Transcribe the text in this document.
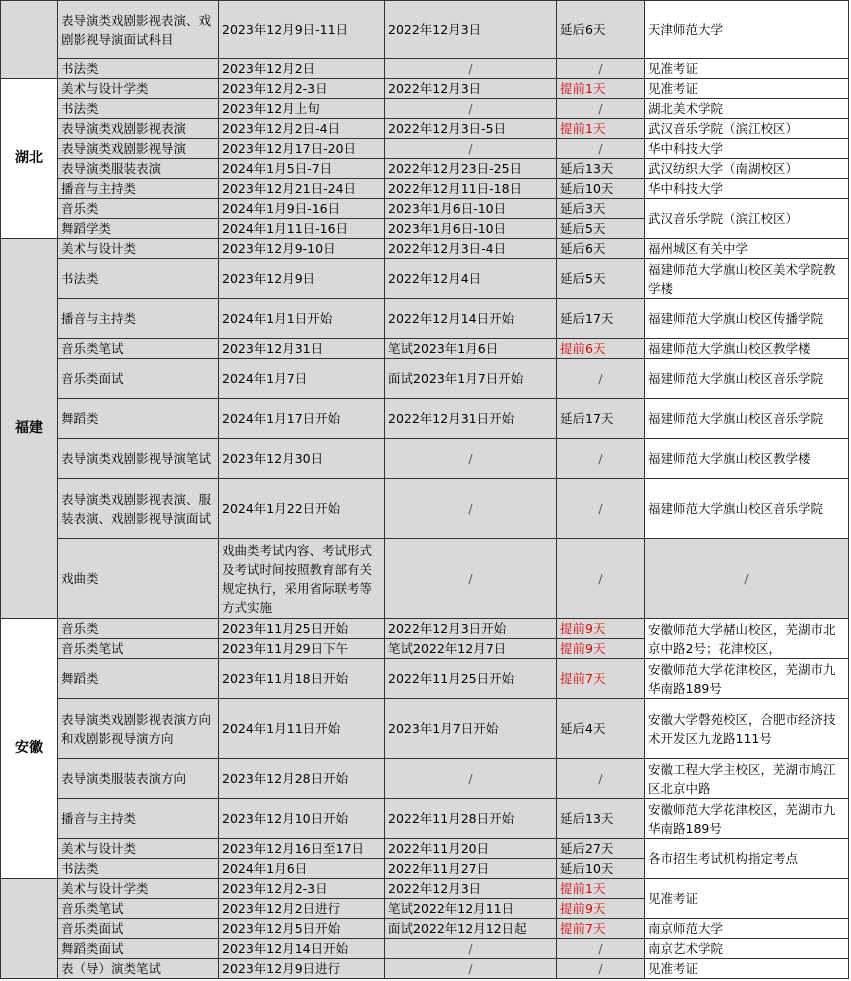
	表导演类戏剧影视表演、戏剧影视导演面试科目	2023年12月9日-11日	2022年12月3日	延后6天	天津师范大学
	书法类	2023年12月2日	/	/	见准考证
湖北	美术与设计学类	2023年12月2-3日	2022年12月3日	提前1天	见准考证
	书法类	2023年12月上旬	/	/	湖北美术学院
	表导演类戏剧影视表演	2023年12月2日-4日	2022年12月3日-5日	提前1天	武汉音乐学院（滨江校区）
	表导演类戏剧影视导演	2023年12月17日-20日	/	/	华中科技大学
	表导演类服装表演	2024年1月5日-7日	2022年12月23日-25日	延后13天	武汉纺织大学（南湖校区）
	播音与主持类	2023年12月21日-24日	2022年12月11日-18日	延后10天	华中科技大学
	音乐类	2024年1月9日-16日	2023年1月6日-10日	延后3天	武汉音乐学院（滨江校区）
	舞蹈学类	2024年1月11日-16日	2023年1月6日-10日	延后5天	
福建	美术与设计类	2023年12月9-10日	2022年12月3日-4日	延后6天	福州城区有关中学
	书法类	2023年12月9日	2022年12月4日	延后5天	福建师范大学旗山校区美术学院教学楼
	播音与主持类	2024年1月1日开始	2022年12月14日开始	延后17天	福建师范大学旗山校区传播学院
	音乐类笔试	2023年12月31日	笔试2023年1月6日	提前6天	福建师范大学旗山校区教学楼
	音乐类面试	2024年1月7日	面试2023年1月7日开始	/	福建师范大学旗山校区音乐学院
	舞蹈类	2024年1月17日开始	2022年12月31日开始	延后17天	福建师范大学旗山校区音乐学院
	表导演类戏剧影视导演笔试	2023年12月30日	/	/	福建师范大学旗山校区教学楼
	表导演类戏剧影视表演、服装表演、戏剧影视导演面试	2024年1月22日开始	/	/	福建师范大学旗山校区音乐学院
	戏曲类	戏曲类考试内容、考试形式及考试时间按照教育部有关规定执行，采用省际联考等方式实施	/	/	/
安徽	音乐类	2023年11月25日开始	2022年12月3日开始	提前9天	安徽师范大学赭山校区，芜湖市北京中路2号；花津校区，
	音乐类笔试	2023年11月29日下午	笔试2022年12月7日	提前9天	
	舞蹈类	2023年11月18日开始	2022年11月25日开始	提前7天	安徽师范大学花津校区，芜湖市九华南路189号
	表导演类戏剧影视表演方向和戏剧影视导演方向	2024年1月11日开始	2023年1月7日开始	延后4天	安徽大学磬苑校区，合肥市经济技术开发区九龙路111号
	表导演类服装表演方向	2023年12月28日开始	/	/	安徽工程大学主校区，芜湖市鸠江区北京中路
	播音与主持类	2023年12月10日开始	2022年11月28日开始	延后13天	安徽师范大学花津校区，芜湖市九华南路189号
	美术与设计类	2023年12月16日至17日	2022年11月20日	延后27天	各市招生考试机构指定考点
	书法类	2024年1月6日	2022年11月27日	延后10天	
	美术与设计学类	2023年12月2-3日	2022年12月3日	提前1天	见准考证
	音乐类笔试	2023年12月2日进行	笔试2022年12月11日	提前9天	
	音乐类面试	2023年12月5日开始	面试2022年12月12日起	提前7天	南京师范大学
	舞蹈类面试	2023年12月14日开始	/	/	南京艺术学院
	表（导）演类笔试	2023年12月9日进行	/	/	见准考证
